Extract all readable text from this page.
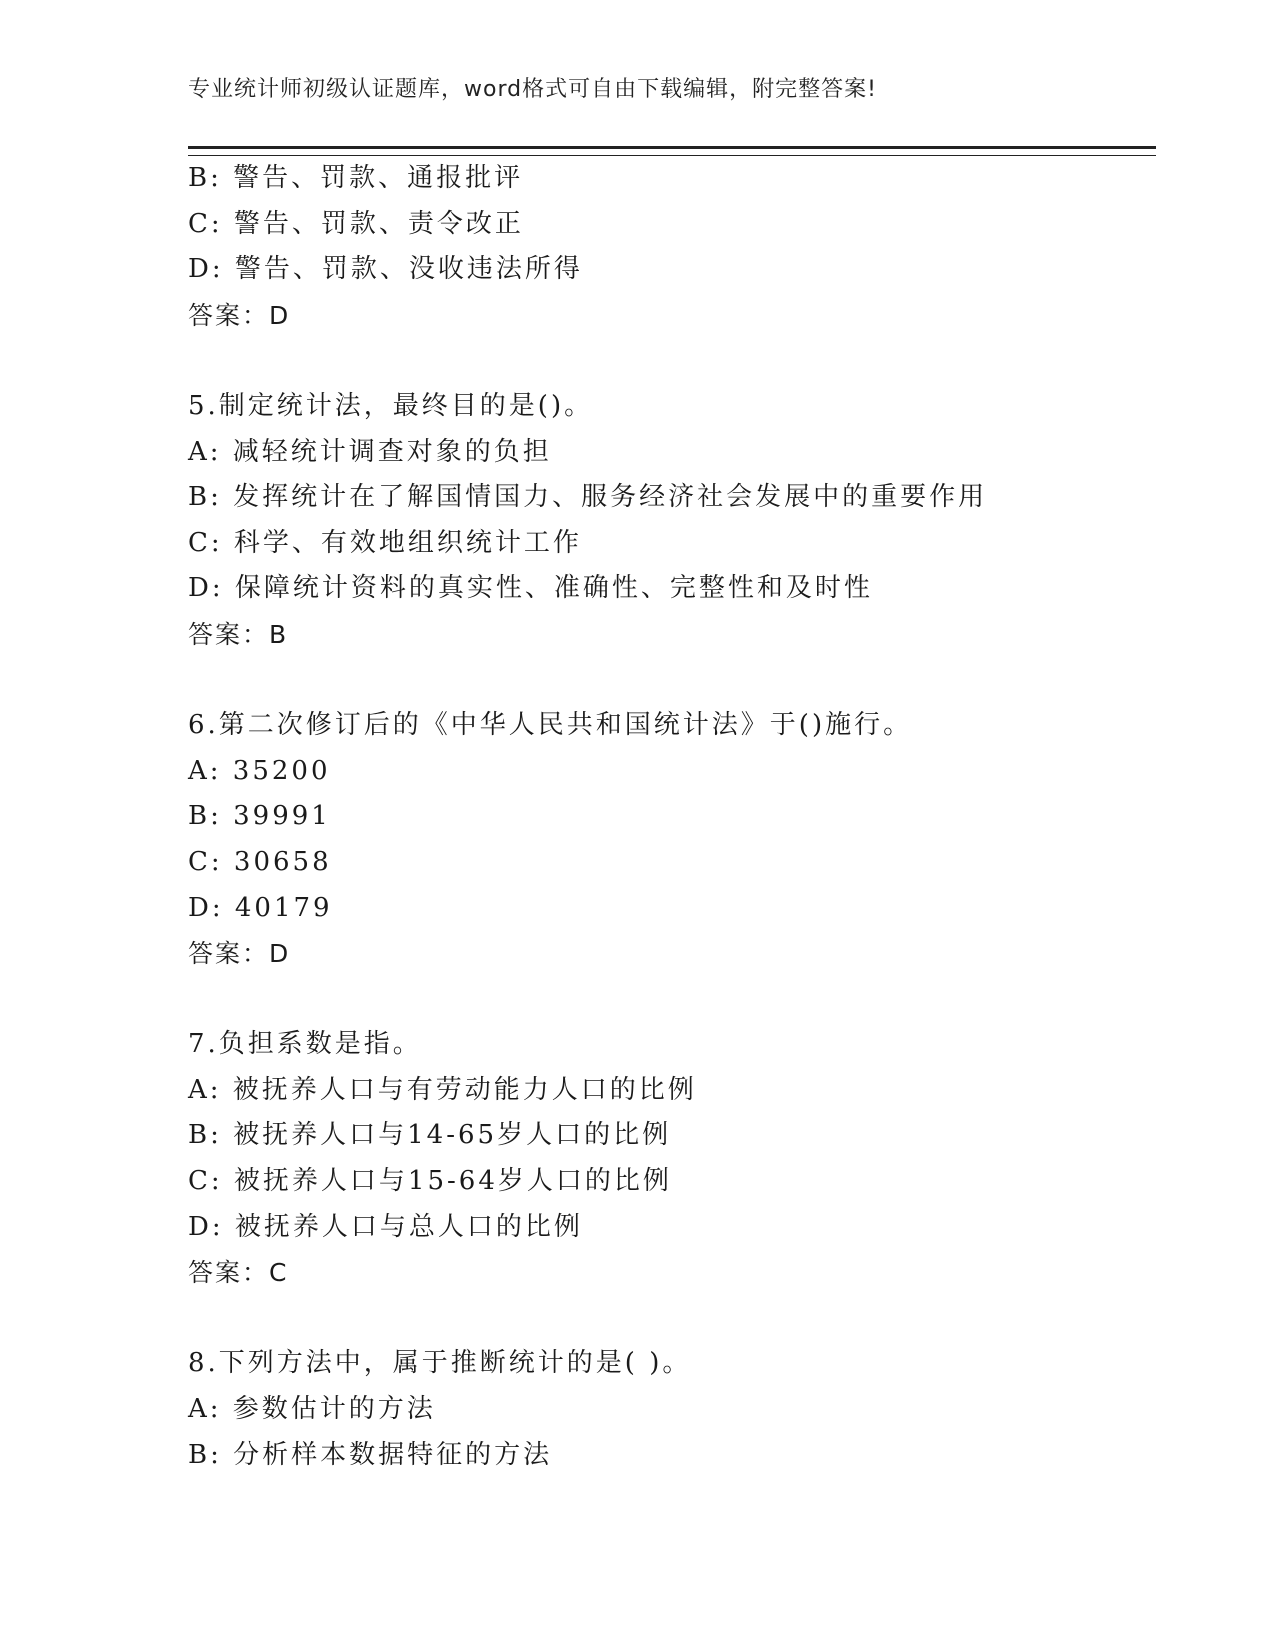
专业统计师初级认证题库，word格式可自由下载编辑，附完整答案!
B: 警告、罚款、通报批评
C: 警告、罚款、责令改正
D: 警告、罚款、没收违法所得
答案：D
5.制定统计法，最终目的是()。
A: 减轻统计调查对象的负担
B: 发挥统计在了解国情国力、服务经济社会发展中的重要作用
C: 科学、有效地组织统计工作
D: 保障统计资料的真实性、准确性、完整性和及时性
答案：B
6.第二次修订后的《中华人民共和国统计法》于()施行。
A: 35200
B: 39991
C: 30658
D: 40179
答案：D
7.负担系数是指。
A: 被抚养人口与有劳动能力人口的比例
B: 被抚养人口与14-65岁人口的比例
C: 被抚养人口与15-64岁人口的比例
D: 被抚养人口与总人口的比例
答案：C
8.下列方法中，属于推断统计的是( )。
A: 参数估计的方法
B: 分析样本数据特征的方法
